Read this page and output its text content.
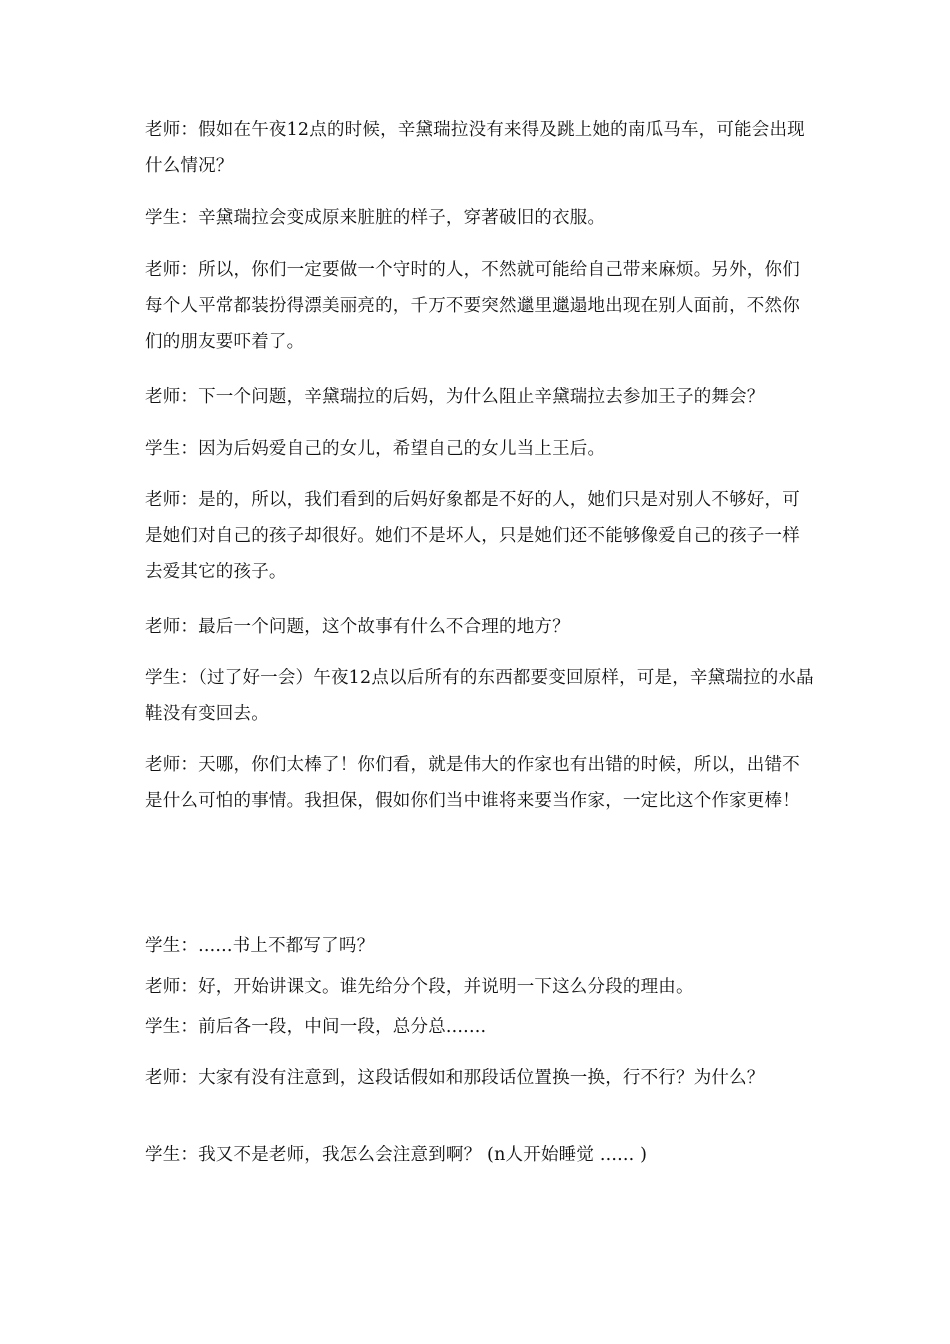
老师：假如在午夜12点的时候，辛黛瑞拉没有来得及跳上她的南瓜马车，可能会出现什么情况？

学生：辛黛瑞拉会变成原来脏脏的样子，穿著破旧的衣服。

老师：所以，你们一定要做一个守时的人，不然就可能给自己带来麻烦。另外，你们每个人平常都装扮得漂美丽亮的，千万不要突然邋里邋遢地出现在别人面前，不然你们的朋友要吓着了。

老师：下一个问题，辛黛瑞拉的后妈，为什么阻止辛黛瑞拉去参加王子的舞会？

学生：因为后妈爱自己的女儿，希望自己的女儿当上王后。

老师：是的，所以，我们看到的后妈好象都是不好的人，她们只是对别人不够好，可是她们对自己的孩子却很好。她们不是坏人，只是她们还不能够像爱自己的孩子一样去爱其它的孩子。

老师：最后一个问题，这个故事有什么不合理的地方？

学生：（过了好一会）午夜12点以后所有的东西都要变回原样，可是，辛黛瑞拉的水晶鞋没有变回去。

老师：天哪，你们太棒了！你们看，就是伟大的作家也有出错的时候，所以，出错不是什么可怕的事情。我担保，假如你们当中谁将来要当作家，一定比这个作家更棒！

学生：......书上不都写了吗？

老师：好，开始讲课文。谁先给分个段，并说明一下这么分段的理由。

学生：前后各一段，中间一段，总分总.......

老师：大家有没有注意到，这段话假如和那段话位置换一换，行不行？为什么？

学生：我又不是老师，我怎么会注意到啊？ (n人开始睡觉 ...... )
